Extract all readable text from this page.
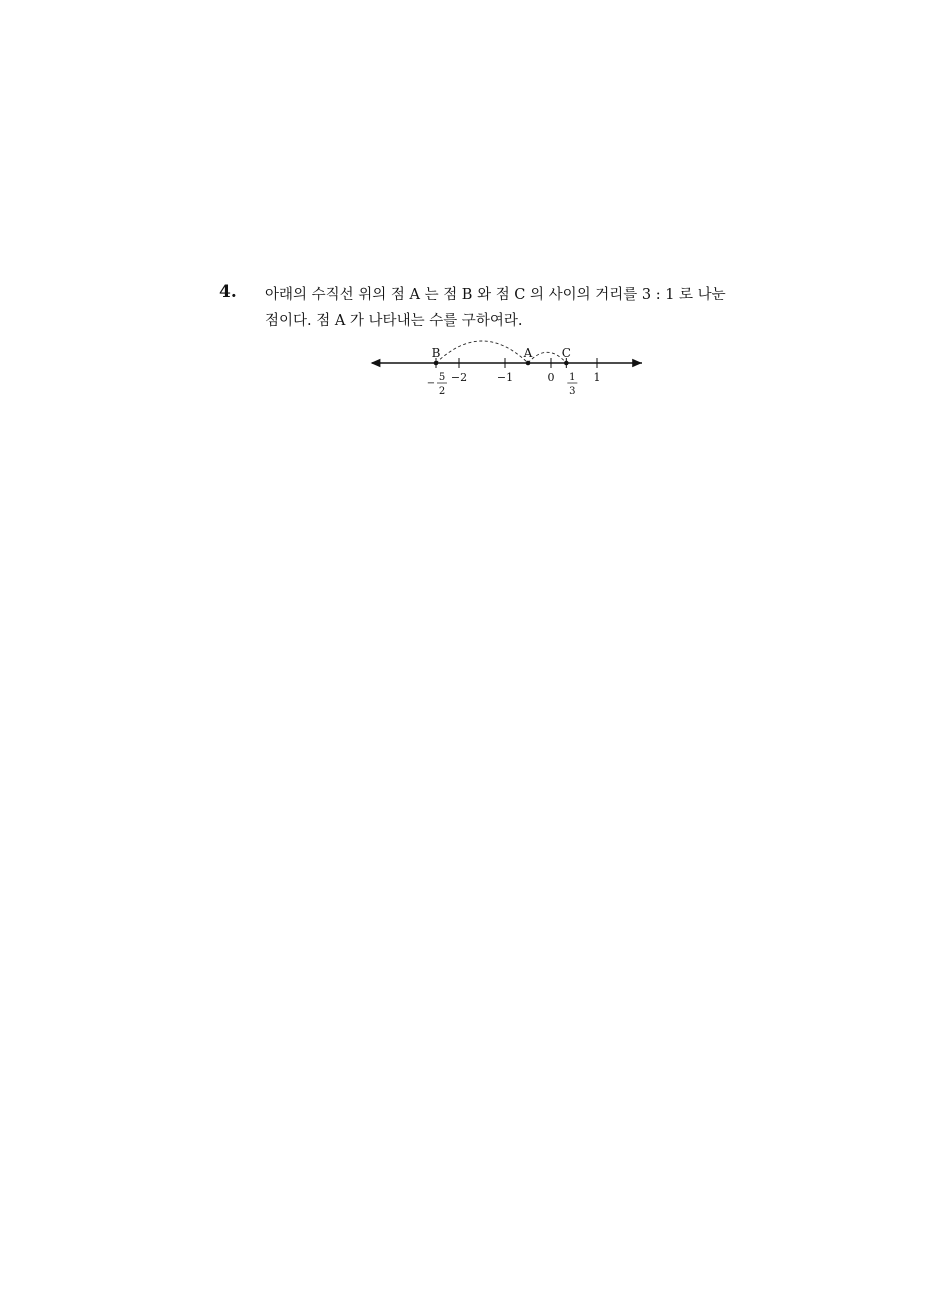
4. 아래의 수직선 위의 점 A 는 점 B 와 점 C 의 사이의 거리를 3 : 1 로 나눈
점이다. 점 A 가 나타내는 수를 구하여라.
5
2
− −2	−1	0 1
3
1
B	A C
